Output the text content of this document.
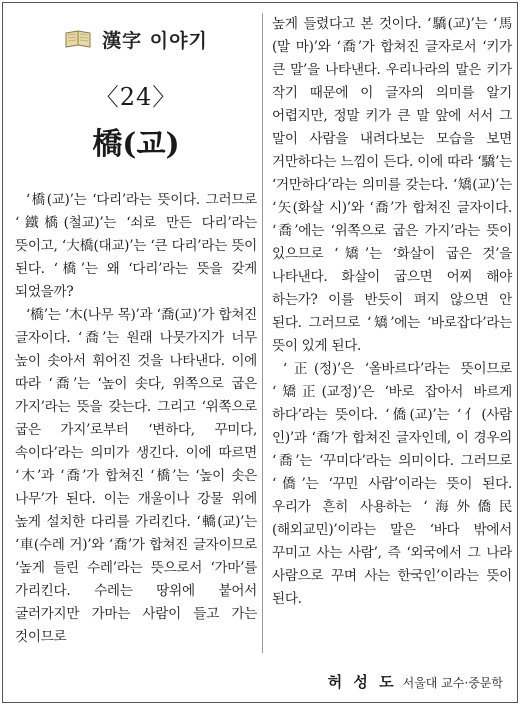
漢字 이야기
〈24〉
橋(교)

‘橋(교)’는 ‘다리’라는 뜻이다. 그러므로 ‘鐵橋(철교)’는 ‘쇠로 만든 다리’라는 뜻이고, ‘大橋(대교)’는 ‘큰 다리’라는 뜻이 된다. ‘橋’는 왜 ‘다리’라는 뜻을 갖게 되었을까?

‘橋’는 ‘木(나무 목)’과 ‘喬(교)’가 합쳐진 글자이다. ‘喬’는 원래 나뭇가지가 너무 높이 솟아서 휘어진 것을 나타낸다. 이에 따라 ‘喬’는 ‘높이 솟다, 위쪽으로 굽은 가지’라는 뜻을 갖는다. 그리고 ‘위쪽으로 굽은 가지’로부터 ‘변하다, 꾸미다, 속이다’라는 의미가 생긴다. 이에 따르면 ‘木’과 ‘喬’가 합쳐진 ‘橋’는 ‘높이 솟은 나무’가 된다. 이는 개울이나 강물 위에 높게 설치한 다리를 가리킨다. ‘轎(교)’는 ‘車(수레 거)’와 ‘喬’가 합쳐진 글자이므로 ‘높게 들린 수레’라는 뜻으로서 ‘가마’를 가리킨다. 수레는 땅위에 붙어서 굴러가지만 가마는 사람이 들고 가는 것이므로

높게 들렸다고 본 것이다. ‘驕(교)’는 ‘馬(말 마)’와 ‘喬’가 합쳐진 글자로서 ‘키가 큰 말’을 나타낸다. 우리나라의 말은 키가 작기 때문에 이 글자의 의미를 알기 어렵지만, 정말 키가 큰 말 앞에 서서 그 말이 사람을 내려다보는 모습을 보면 거만하다는 느낌이 든다. 이에 따라 ‘驕’는 ‘거만하다’라는 의미를 갖는다. ‘矯(교)’는 ‘矢(화살 시)’와 ‘喬’가 합쳐진 글자이다. ‘喬’에는 ‘위쪽으로 굽은 가지’라는 뜻이 있으므로 ‘矯’는 ‘화살이 굽은 것’을 나타낸다. 화살이 굽으면 어찌 해야 하는가? 이를 반듯이 펴지 않으면 안 된다. 그러므로 ‘矯’에는 ‘바로잡다’라는 뜻이 있게 된다.

‘正(정)’은 ‘올바르다’라는 뜻이므로 ‘矯正(교정)’은 ‘바로 잡아서 바르게 하다’라는 뜻이다. ‘僑(교)’는 ‘亻(사람 인)’과 ‘喬’가 합쳐진 글자인데, 이 경우의 ‘喬’는 ‘꾸미다’라는 의미이다. 그러므로 ‘僑’는 ‘꾸민 사람’이라는 뜻이 된다. 우리가 흔히 사용하는 ‘海外僑民(해외교민)’이라는 말은 ‘바다 밖에서 꾸미고 사는 사람’, 즉 ‘외국에서 그 나라 사람으로 꾸며 사는 한국인’이라는 뜻이 된다.

허 성 도 서울대 교수·중문학
